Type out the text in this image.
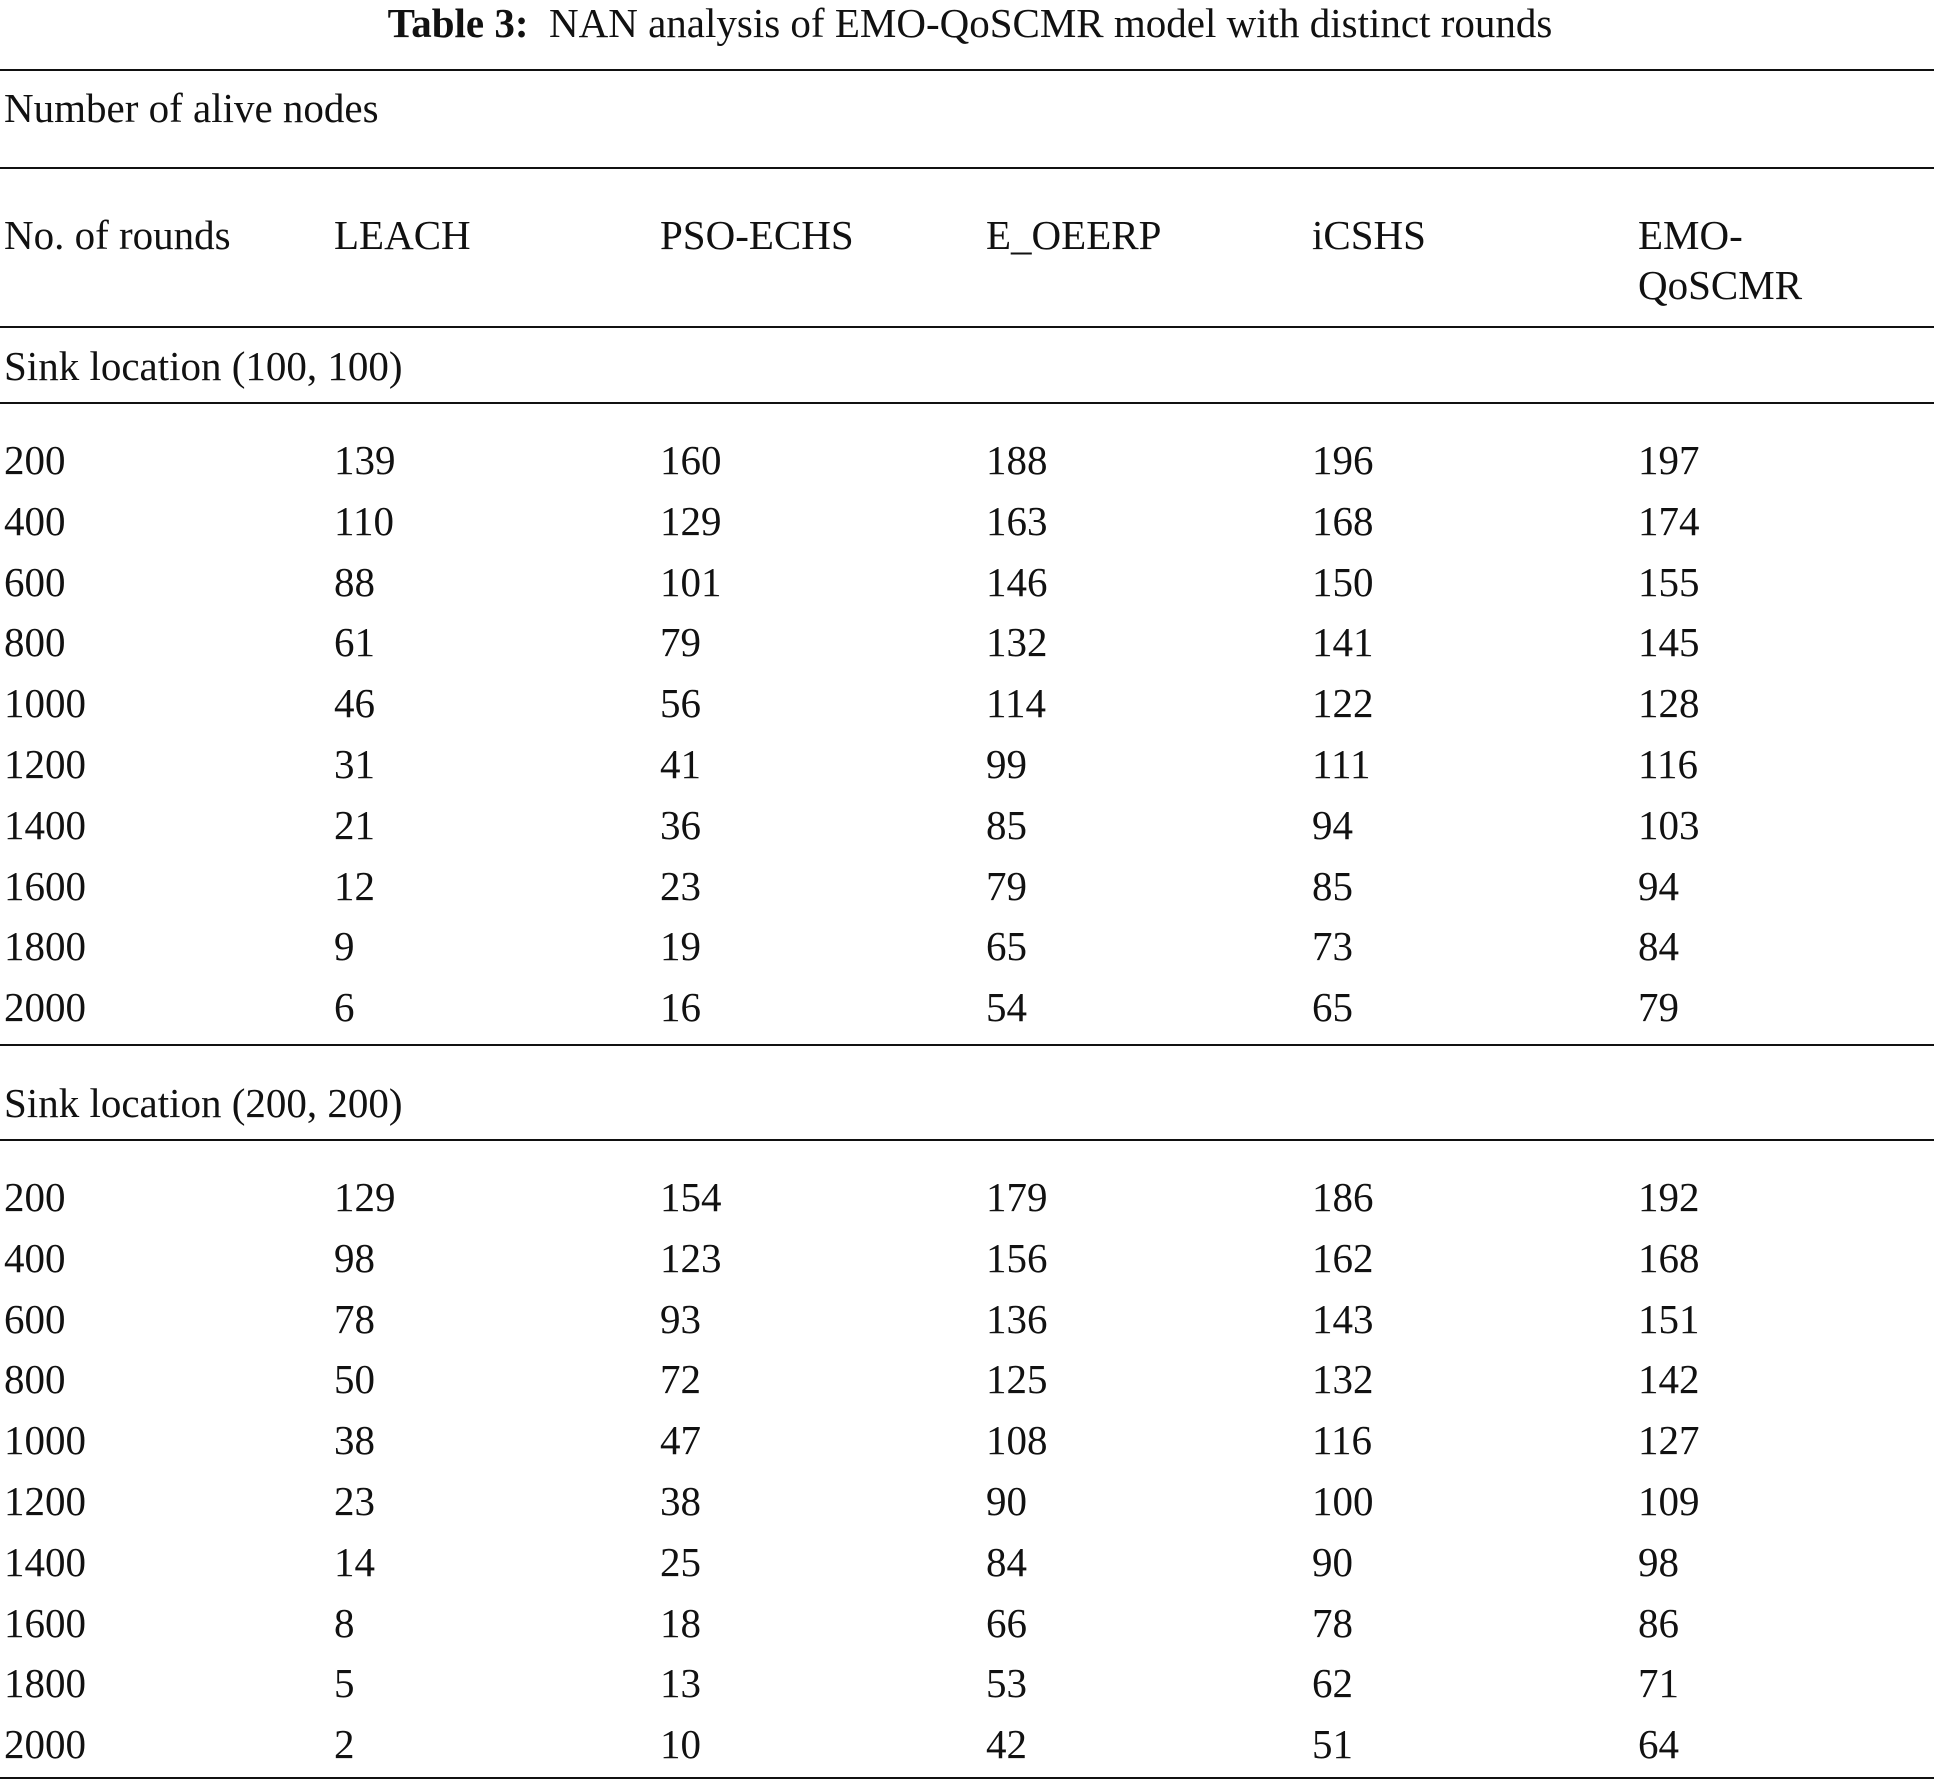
Table 3: NAN analysis of EMO-QoSCMR model with distinct rounds
Number of alive nodes
No. of rounds	LEACH	PSO-ECHS	E_OEERP	iCSHS	EMO-
QoSCMR
Sink location (100, 100)
200	139	160	188	196	197
400	110	129	163	168	174
600	88	101	146	150	155
800	61	79	132	141	145
1000	46	56	114	122	128
1200	31	41	99	111	116
1400	21	36	85	94	103
1600	12	23	79	85	94
1800	9	19	65	73	84
2000	6	16	54	65	79
Sink location (200, 200)
200	129	154	179	186	192
400	98	123	156	162	168
600	78	93	136	143	151
800	50	72	125	132	142
1000	38	47	108	116	127
1200	23	38	90	100	109
1400	14	25	84	90	98
1600	8	18	66	78	86
1800	5	13	53	62	71
2000	2	10	42	51	64
